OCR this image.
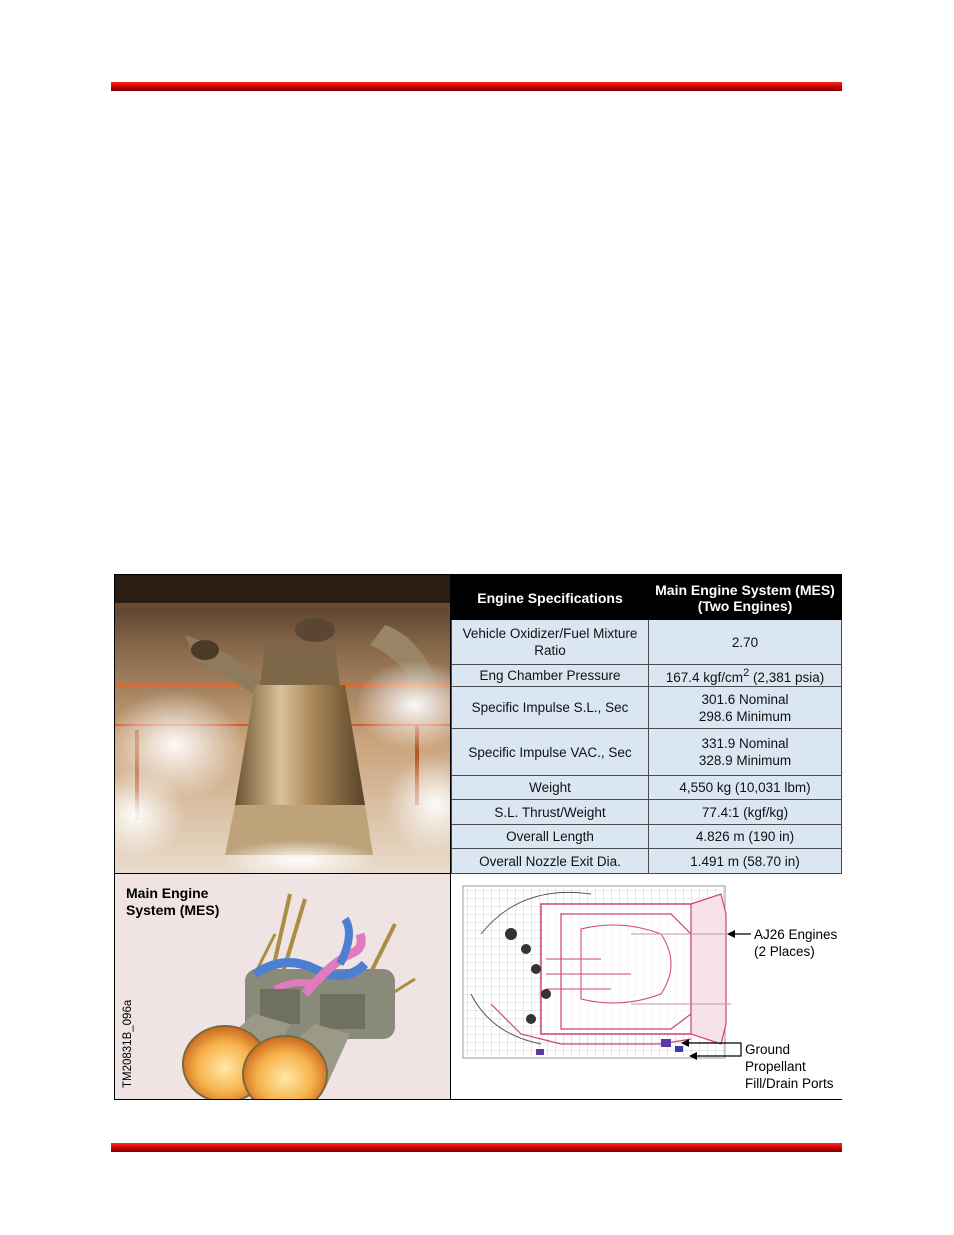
Engine Specifications	Main Engine System (MES)
(Two Engines)
Vehicle Oxidizer/Fuel Mixture Ratio	2.70
Eng Chamber Pressure	167.4 kgf/$cm^2$ (2,381 psia)
Specific Impulse S.L., Sec	301.6 Nominal
298.6 Minimum
Specific Impulse VAC., Sec	331.9 Nominal
328.9 Minimum
Weight	4,550 kg (10,031 lbm)
S.L. Thrust/Weight	77.4:1 (kgf/kg)
Overall Length	4.826 m (190 in)
Overall Nozzle Exit Dia.	1.491 m (58.70 in)
Main Engine
System (MES)
TM20831B_096a
AJ26 Engines
(2 Places)
Ground
Propellant
Fill/Drain Ports
